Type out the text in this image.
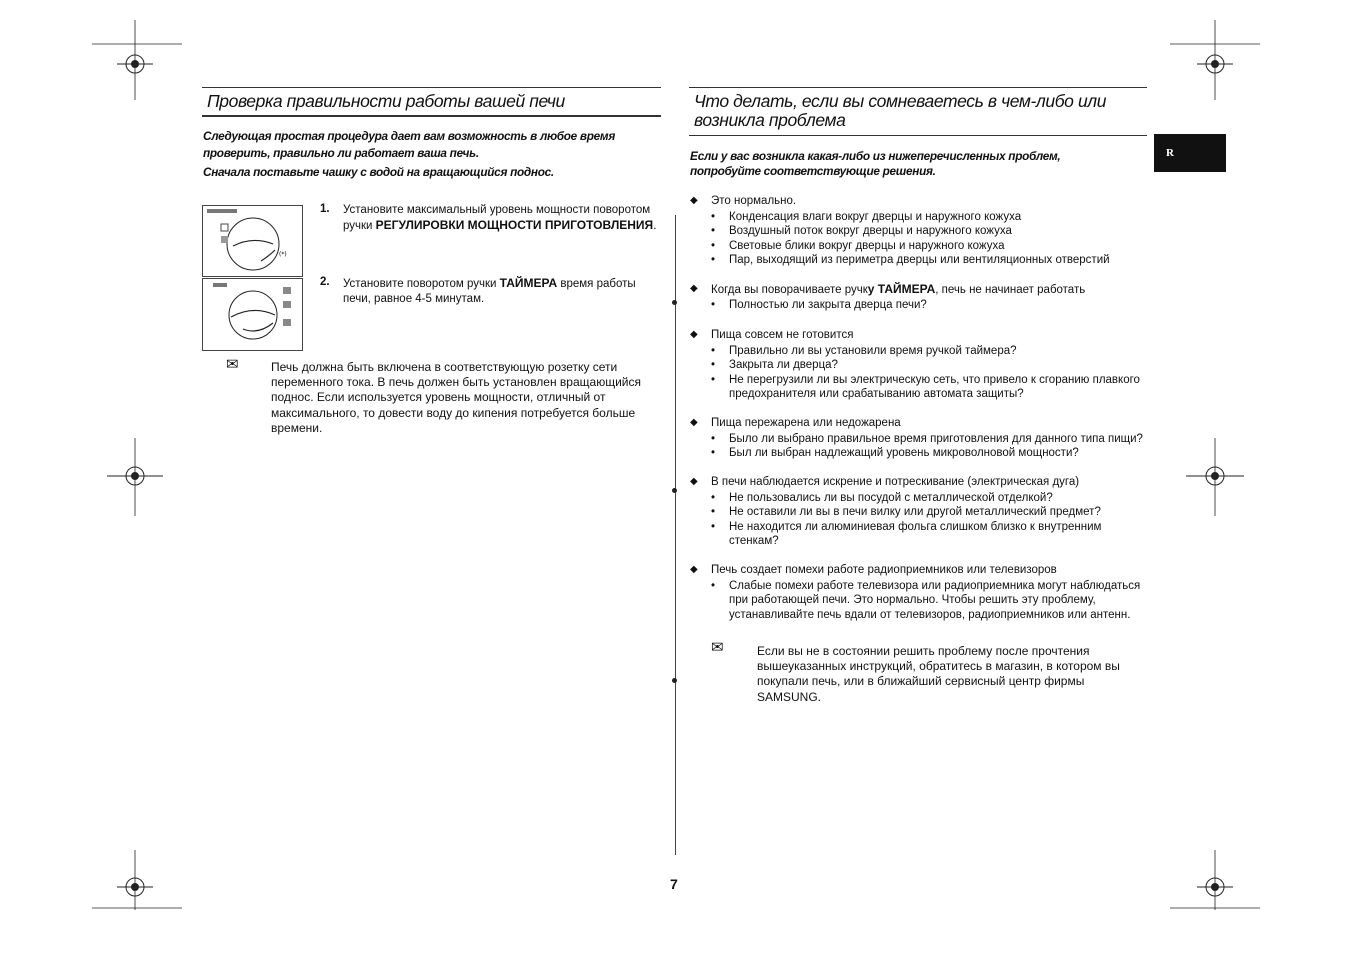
Проверка правильности работы вашей печи
Следующая простая процедура дает вам возможность в любое время
проверить, правильно ли работает ваша печь.
Сначала поставьте чашку с водой на вращающийся поднос.
(*)
1. Установите максимальный уровень мощности поворотом
ручки РЕГУЛИРОВКИ МОЩНОСТИ ПРИГОТОВЛЕНИЯ.
2. Установите поворотом ручки ТАЙМЕРА время работы
печи, равное 4-5 минутам.
✉	Печь должна быть включена в соответствующую розетку сети
переменного тока. В печь должен быть установлен вращающийся
поднос. Если используется уровень мощности, отличный от
максимального, то довести воду до кипения потребуется больше
времени.
Что делать, если вы сомневаетесь в чем-либо или
возникла проблема
R
Если у вас возникла какая-либо из нижеперечисленных проблем,
попробуйте соответствующие решения.
◆ Это нормально.
• Конденсация влаги вокруг дверцы и наружного кожуха
• Воздушный поток вокруг дверцы и наружного кожуха
• Световые блики вокруг дверцы и наружного кожуха
• Пар, выходящий из периметра дверцы или вентиляционных отверстий
◆ Когда вы поворачиваете ручку ТАЙМЕРА, печь не начинает работать
• Полностью ли закрыта дверца печи?
◆ Пища совсем не готовится
• Правильно ли вы установили время ручкой таймера?
• Закрыта ли дверца?
• Не перегрузили ли вы электрическую сеть, что привело к сгоранию плавкого предохранителя или срабатыванию автомата защиты?
◆ Пища пережарена или недожарена
• Было ли выбрано правильное время приготовления для данного типа пищи?
• Был ли выбран надлежащий уровень микроволновой мощности?
◆ В печи наблюдается искрение и потрескивание (электрическая дуга)
• Не пользовались ли вы посудой с металлической отделкой?
• Не оставили ли вы в печи вилку или другой металлический предмет?
• Не находится ли алюминиевая фольга слишком близко к внутренним стенкам?
◆ Печь создает помехи работе радиоприемников или телевизоров
• Слабые помехи работе телевизора или радиоприемника могут наблюдаться при работающей печи. Это нормально. Чтобы решить эту проблему, устанавливайте печь вдали от телевизоров, радиоприемников или антенн.
✉	Если вы не в состоянии решить проблему после прочтения
вышеуказанных инструкций, обратитесь в магазин, в котором вы
покупали печь, или в ближайший сервисный центр фирмы
SAMSUNG.
7
